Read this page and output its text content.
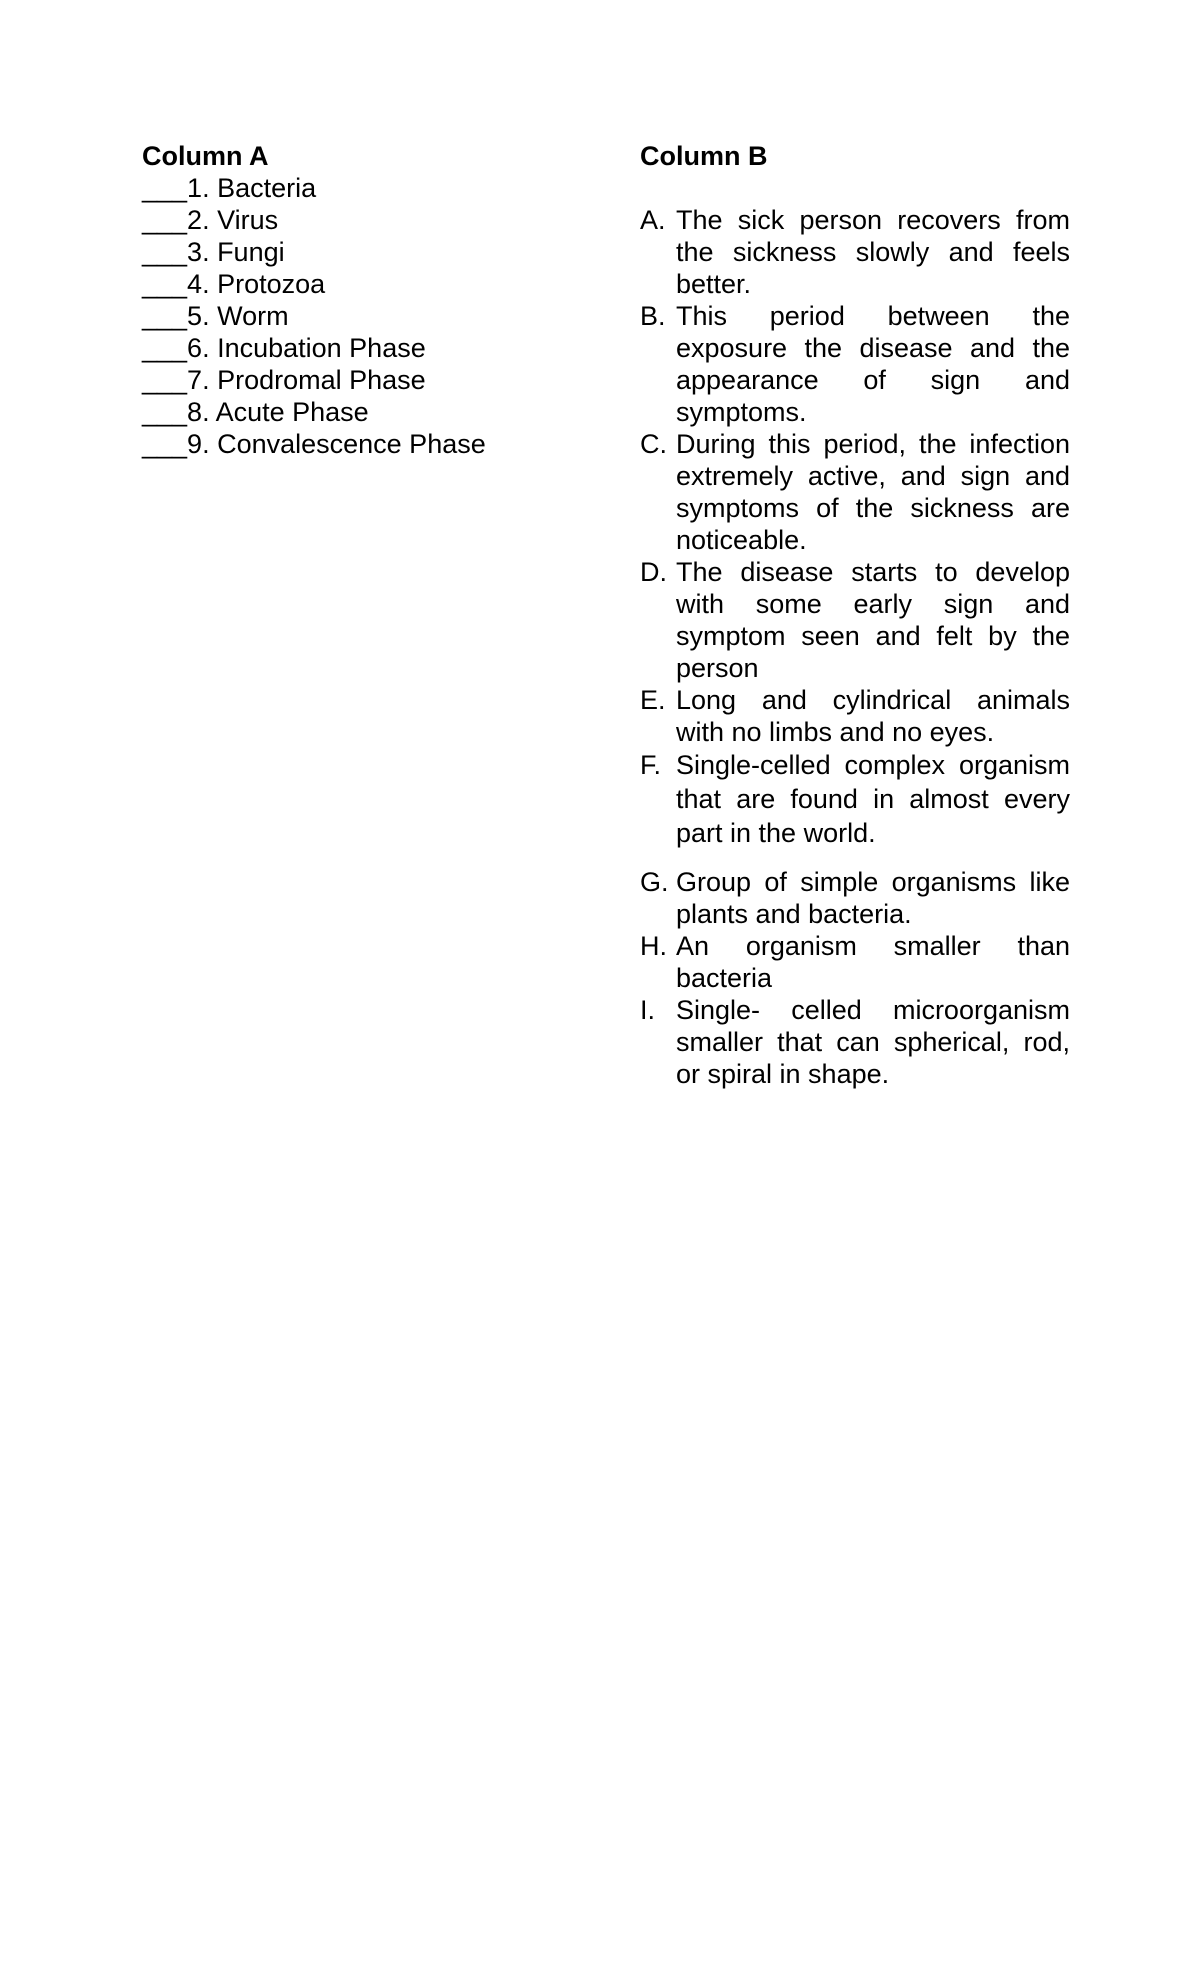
Column A
___1. Bacteria
___2. Virus
___3. Fungi
___4. Protozoa
___5. Worm
___6. Incubation Phase
___7. Prodromal Phase
___8. Acute Phase
___9. Convalescence Phase
Column B
A. The sick person recovers from the sickness slowly and feels better.
B. This period between the exposure the disease and the appearance of sign and symptoms.
C. During this period, the infection extremely active, and sign and symptoms of the sickness are noticeable.
D. The disease starts to develop with some early sign and symptom seen and felt by the person
E. Long and cylindrical animals with no limbs and no eyes.
F. Single-celled complex organism that are found in almost every part in the world.
G. Group of simple organisms like plants and bacteria.
H. An organism smaller than bacteria
I. Single- celled microorganism smaller that can spherical, rod, or spiral in shape.
